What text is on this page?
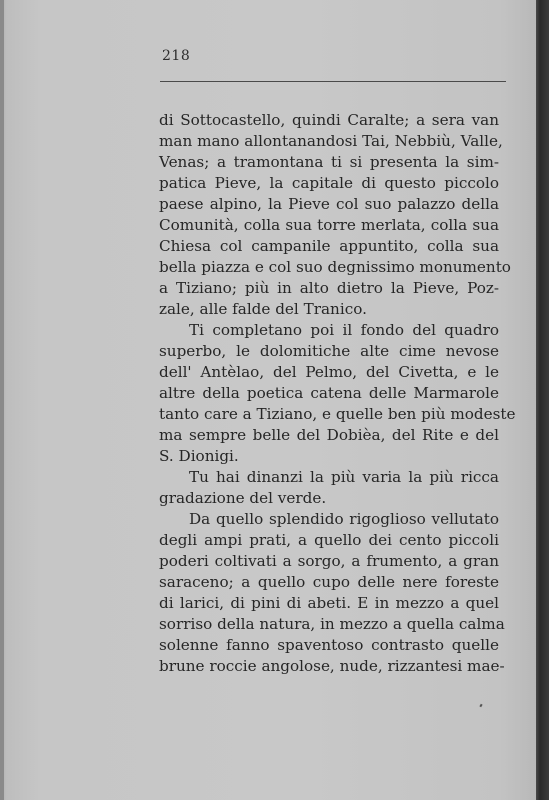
218
di Sottocastello, quindi Caralte; a sera van
man mano allontanandosi Tai, Nebbiù, Valle,
Venas; a tramontana ti si presenta la sim-
patica Pieve, la capitale di questo piccolo
paese alpino, la Pieve col suo palazzo della
Comunità, colla sua torre merlata, colla sua
Chiesa col campanile appuntito, colla sua
bella piazza e col suo degnissimo monumento
a Tiziano; più in alto dietro la Pieve, Poz-
zale, alle falde del Tranico.
Ti completano poi il fondo del quadro
superbo, le dolomitiche alte cime nevose
dell' Antèlao, del Pelmo, del Civetta, e le
altre della poetica catena delle Marmarole
tanto care a Tiziano, e quelle ben più modeste
ma sempre belle del Dobièa, del Rite e del
S. Dionigi.
Tu hai dinanzi la più varia la più ricca
gradazione del verde.
Da quello splendido rigoglioso vellutato
degli ampi prati, a quello dei cento piccoli
poderi coltivati a sorgo, a frumento, a gran
saraceno; a quello cupo delle nere foreste
di larici, di pini di abeti. E in mezzo a quel
sorriso della natura, in mezzo a quella calma
solenne fanno spaventoso contrasto quelle
brune roccie angolose, nude, rizzantesi mae-
